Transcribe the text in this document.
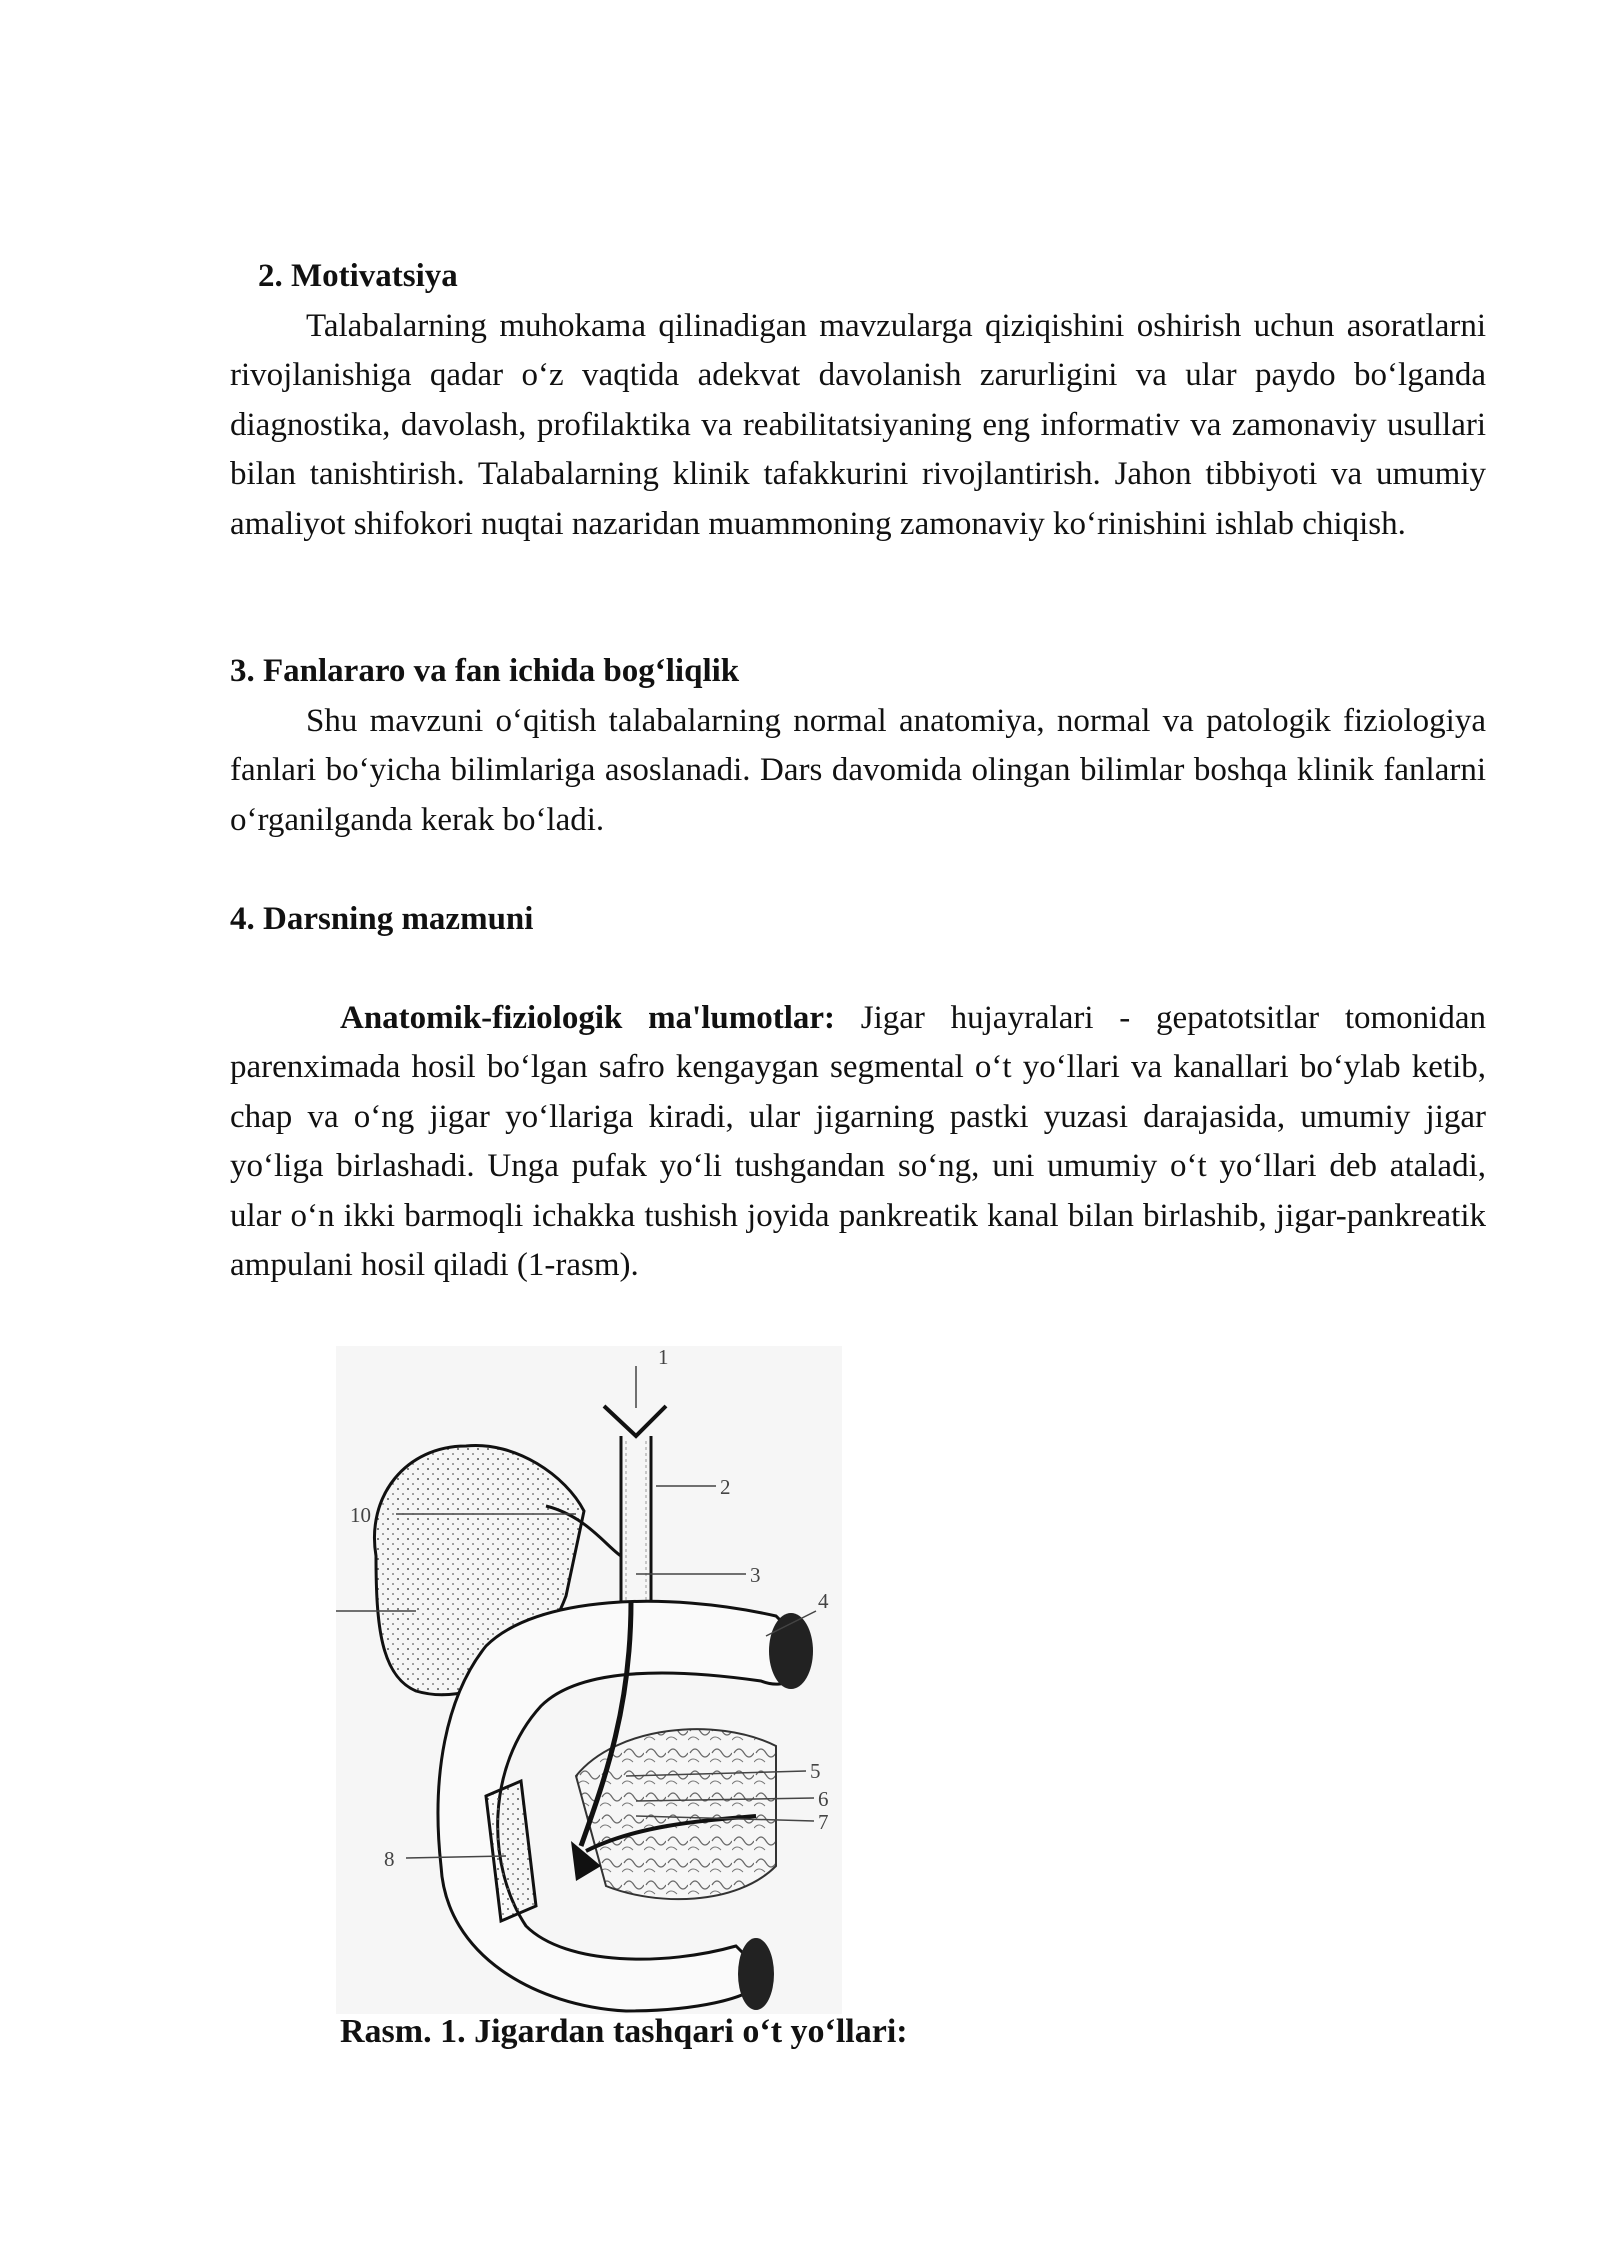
2. Motivatsiya

Talabalarning muhokama qilinadigan mavzularga qiziqishini oshirish uchun asoratlarni rivojlanishiga qadar o‘z vaqtida adekvat davolanish zarurligini va ular paydo bo‘lganda diagnostika, davolash, profilaktika va reabilitatsiyaning eng informativ va zamonaviy usullari bilan tanishtirish. Talabalarning klinik tafakkurini rivojlantirish. Jahon tibbiyoti va umumiy amaliyot shifokori nuqtai nazaridan muammoning zamonaviy ko‘rinishini ishlab chiqish.

3. Fanlararo va fan ichida bog‘liqlik

Shu mavzuni o‘qitish talabalarning normal anatomiya, normal va patologik fiziologiya fanlari bo‘yicha bilimlariga asoslanadi. Dars davomida olingan bilimlar boshqa klinik fanlarni o‘rganilganda kerak bo‘ladi.

4. Darsning mazmuni

Anatomik-fiziologik ma'lumotlar: Jigar hujayralari - gepatotsitlar tomonidan parenximada hosil bo‘lgan safro kengaygan segmental o‘t yo‘llari va kanallari bo‘ylab ketib, chap va o‘ng jigar yo‘llariga kiradi, ular jigarning pastki yuzasi darajasida, umumiy jigar yo‘liga birlashadi. Unga pufak yo‘li tushgandan so‘ng, uni umumiy o‘t yo‘llari deb ataladi, ular o‘n ikki barmoqli ichakka tushish joyida pankreatik kanal bilan birlashib, jigar-pankreatik ampulani hosil qiladi (1-rasm).

1
2
3
4
5
6
7
8
10
Rasm. 1. Jigardan tashqari o‘t yo‘llari:
